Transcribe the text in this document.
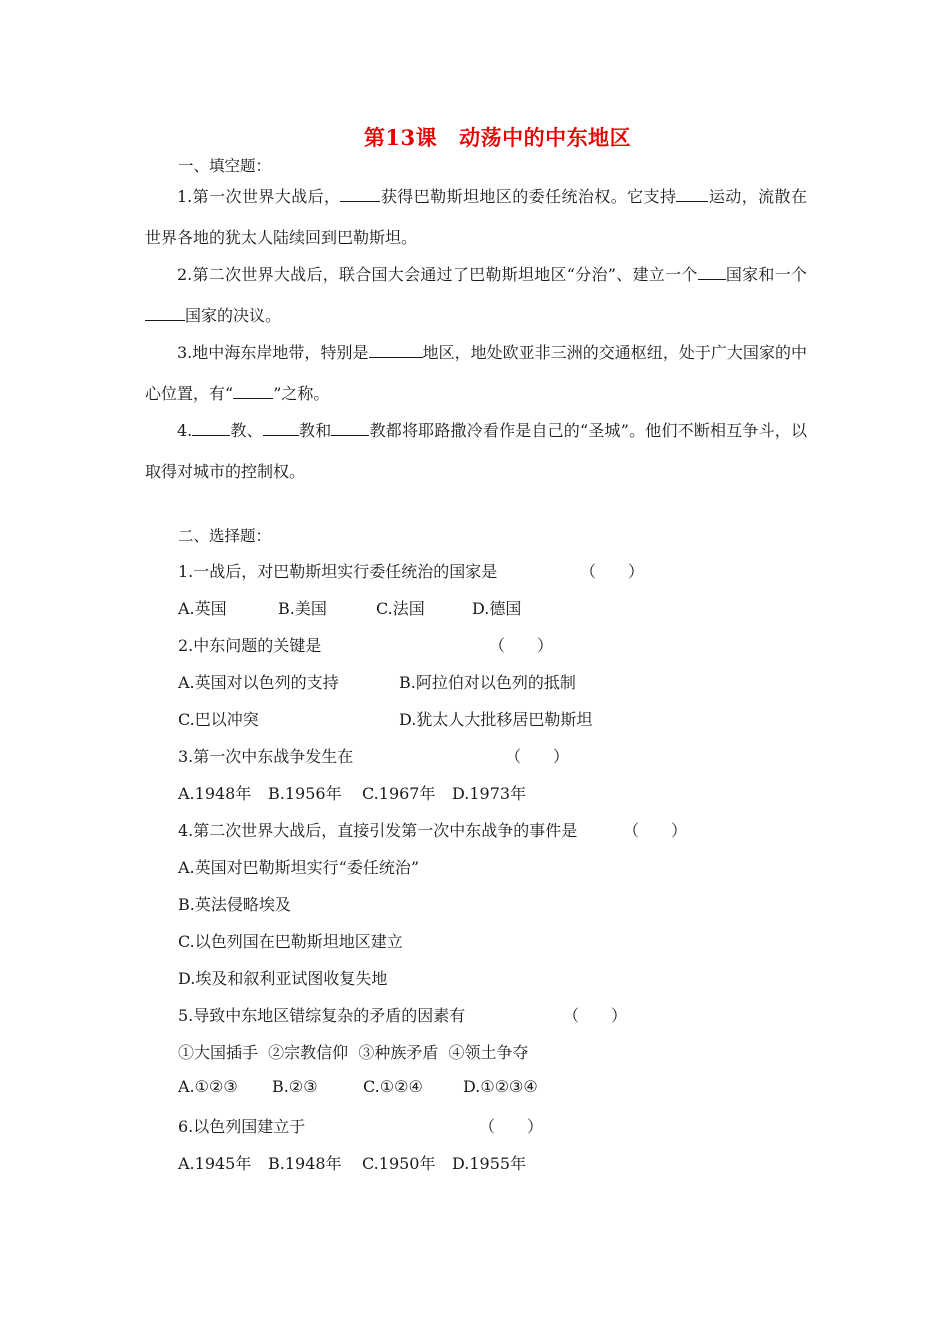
第13课 动荡中的中东地区
一、填空题：
1.第一次世界大战后，	获得巴勒斯坦地区的委任统治权。它支持 运动，流散在世界各地的犹太人陆续回到巴勒斯坦。
2.第二次世界大战后，联合国大会通过了巴勒斯坦地区“分治”、建立一个 国家和一个国家的决议。
3.地中海东岸地带，特别是	地区，地处欧亚非三洲的交通枢纽，处于广大国家的中心位置，有“	”之称。
4. 教、 教和 教都将耶路撒冷看作是自己的“圣城”。他们不断相互争斗，以取得对城市的控制权。
二、选择题：
1.一战后，对巴勒斯坦实行委任统治的国家是	（　　）
A.英国	B.美国	C.法国	D.德国
2.中东问题的关键是	（　　）
A.英国对以色列的支持	B.阿拉伯对以色列的抵制
C.巴以冲突	D.犹太人大批移居巴勒斯坦
3.第一次中东战争发生在	（　　）
A.1948年 B.1956年 C.1967年 D.1973年
4.第二次世界大战后，直接引发第一次中东战争的事件是	（　　）
A.英国对巴勒斯坦实行“委任统治”
B.英法侵略埃及
C.以色列国在巴勒斯坦地区建立
D.埃及和叙利亚试图收复失地
5.导致中东地区错综复杂的矛盾的因素有	（　　）
①大国插手  ②宗教信仰  ③种族矛盾  ④领土争夺
A.①②③ B.②③	C.①②④	D.①②③④
6.以色列国建立于	（　　）
A.1945年 B.1948年 C.1950年 D.1955年
